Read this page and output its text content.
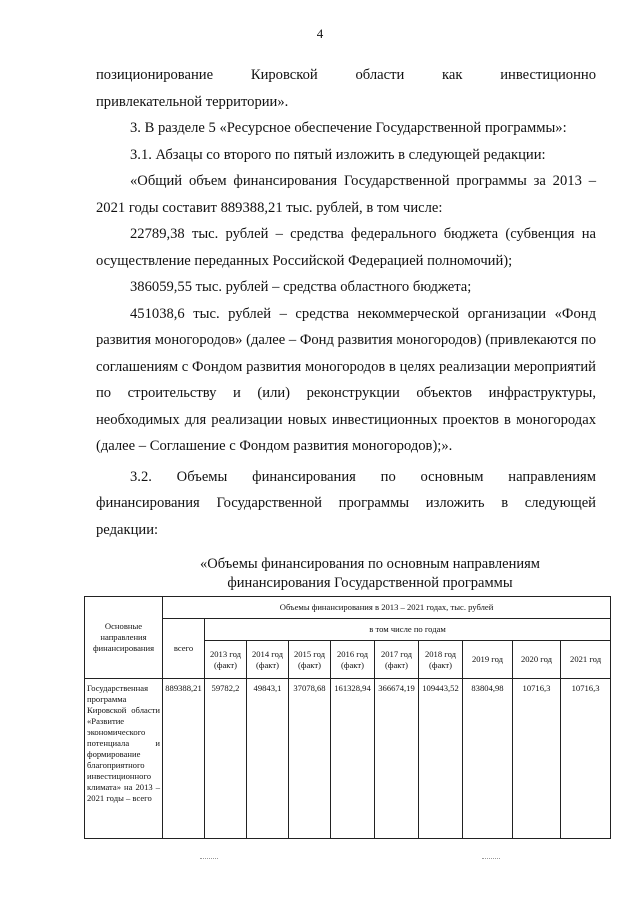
4

позиционирование Кировской области как инвестиционно

привлекательной территории».

3. В разделе 5 «Ресурсное обеспечение Государственной программы»:

3.1. Абзацы со второго по пятый изложить в следующей редакции:

«Общий объем финансирования Государственной программы за 2013 – 2021 годы составит 889388,21 тыс. рублей, в том числе:

22789,38 тыс. рублей – средства федерального бюджета (субвенция на осуществление переданных Российской Федерацией полномочий);

386059,55 тыс. рублей – средства областного бюджета;

451038,6 тыс. рублей – средства некоммерческой организации «Фонд развития моногородов» (далее – Фонд развития моногородов) (привлекаются по соглашениям с Фондом развития моногородов в целях реализации мероприятий по строительству и (или) реконструкции объектов инфраструктуры, необходимых для реализации новых инвестиционных проектов в моногородах (далее – Соглашение с Фондом развития моногородов);».

3.2. Объемы финансирования по основным направлениям финансирования Государственной программы изложить в следующей редакции:

«Объемы финансирования по основным направлениям
финансирования Государственной программы
Основные направления финансирования	Объемы финансирования в 2013 – 2021 годах, тыс. рублей									
	всего	в том числе по годам								
		2013 год (факт)	2014 год (факт)	2015 год (факт)	2016 год (факт)	2017 год (факт)	2018 год (факт)	2019 год	2020 год	2021 год
Государственная программа Кировской области «Развитие экономического потенциала и формирование благоприятного инвестиционного климата» на 2013 – 2021 годы – всего	889388,21	59782,2	49843,1	37078,68	161328,94	366674,19	109443,52	83804,98	10716,3	10716,3
